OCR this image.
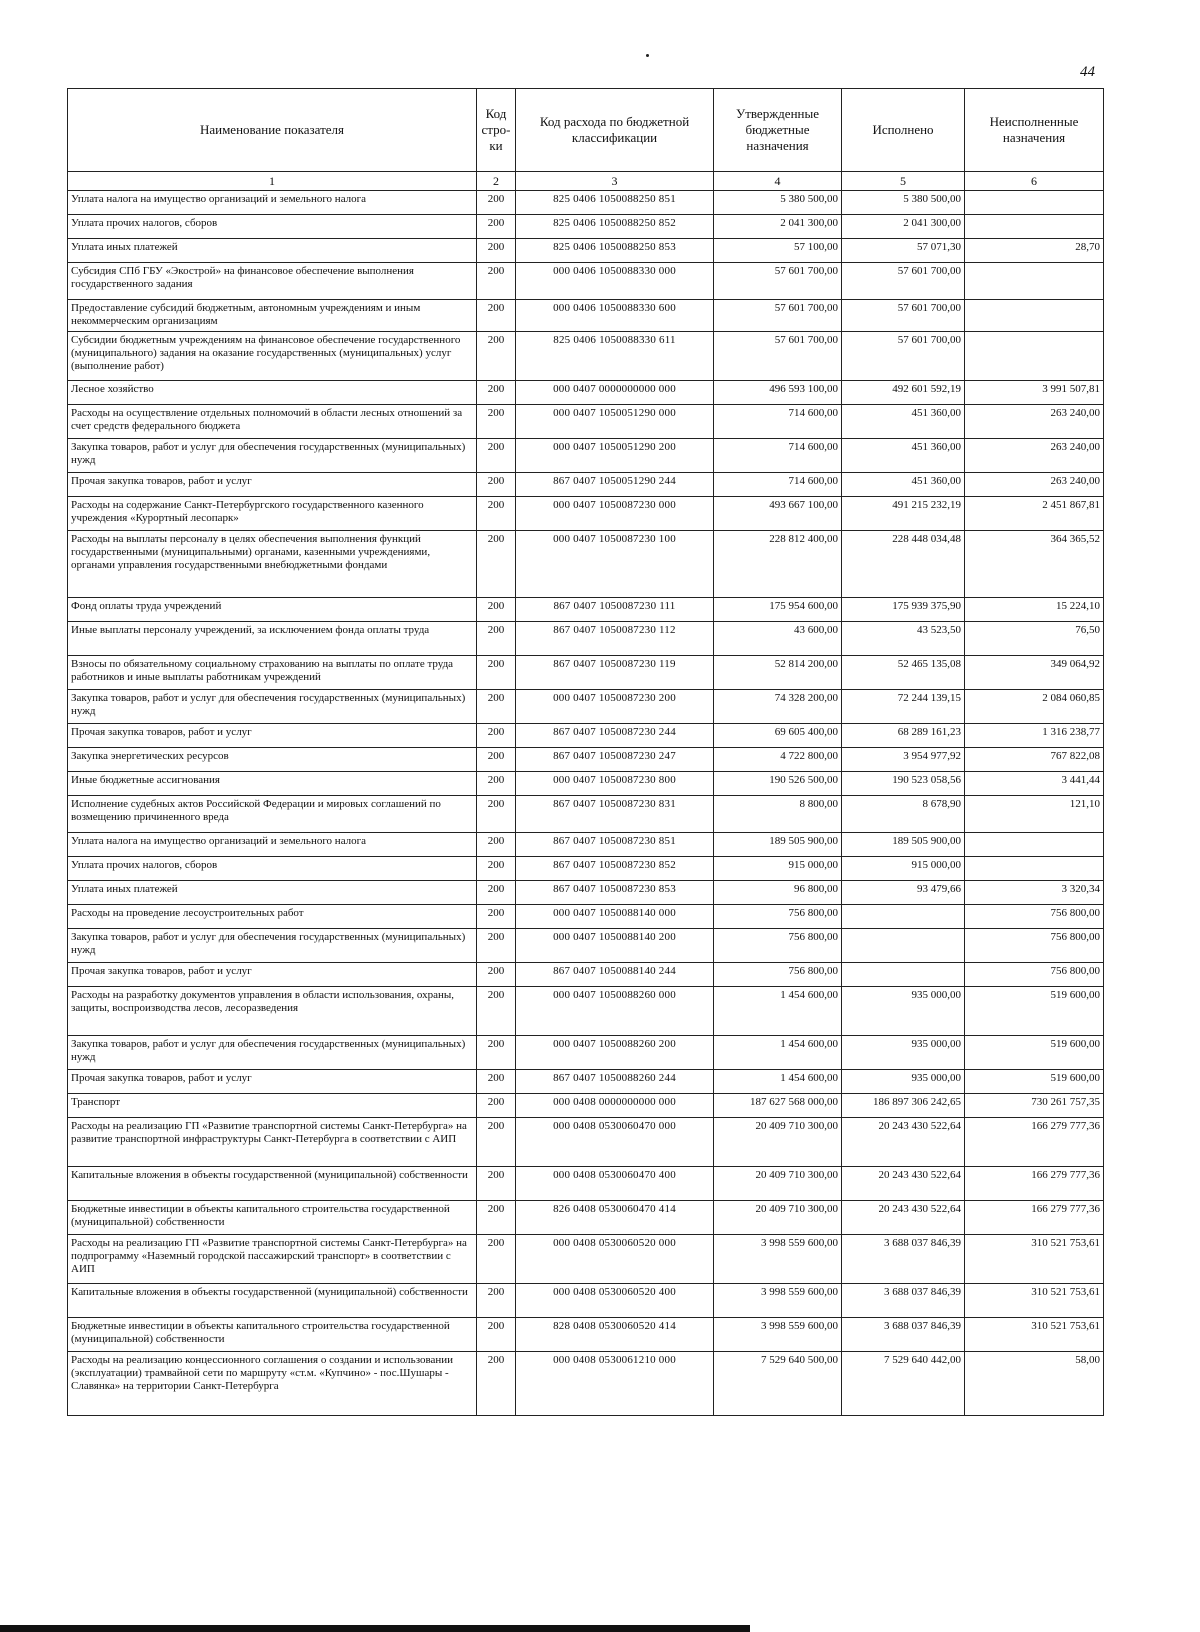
44
Наименование показателя	Код стро-ки	Код расхода по бюджетной классификации	Утвержденные бюджетные назначения	Исполнено	Неисполненные назначения
1	2	3	4	5	6
Уплата налога на имущество организаций и земельного налога	200	825 0406 1050088250 851	5 380 500,00	5 380 500,00	
Уплата прочих налогов, сборов	200	825 0406 1050088250 852	2 041 300,00	2 041 300,00	
Уплата иных платежей	200	825 0406 1050088250 853	57 100,00	57 071,30	28,70
Субсидия СПб ГБУ «Экострой» на финансовое обеспечение выполнения государственного задания	200	000 0406 1050088330 000	57 601 700,00	57 601 700,00	
Предоставление субсидий бюджетным, автономным учреждениям и иным некоммерческим организациям	200	000 0406 1050088330 600	57 601 700,00	57 601 700,00	
Субсидии бюджетным учреждениям на финансовое обеспечение государственного (муниципального) задания на оказание государственных (муниципальных) услуг (выполнение работ)	200	825 0406 1050088330 611	57 601 700,00	57 601 700,00	
Лесное хозяйство	200	000 0407 0000000000 000	496 593 100,00	492 601 592,19	3 991 507,81
Расходы на осуществление отдельных полномочий в области лесных отношений за счет средств федерального бюджета	200	000 0407 1050051290 000	714 600,00	451 360,00	263 240,00
Закупка товаров, работ и услуг для обеспечения государственных (муниципальных) нужд	200	000 0407 1050051290 200	714 600,00	451 360,00	263 240,00
Прочая закупка товаров, работ и услуг	200	867 0407 1050051290 244	714 600,00	451 360,00	263 240,00
Расходы на содержание Санкт-Петербургского государственного казенного учреждения «Курортный лесопарк»	200	000 0407 1050087230 000	493 667 100,00	491 215 232,19	2 451 867,81
Расходы на выплаты персоналу в целях обеспечения выполнения функций государственными (муниципальными) органами, казенными учреждениями, органами управления государственными внебюджетными фондами	200	000 0407 1050087230 100	228 812 400,00	228 448 034,48	364 365,52
Фонд оплаты труда учреждений	200	867 0407 1050087230 111	175 954 600,00	175 939 375,90	15 224,10
Иные выплаты персоналу учреждений, за исключением фонда оплаты труда	200	867 0407 1050087230 112	43 600,00	43 523,50	76,50
Взносы по обязательному социальному страхованию на выплаты по оплате труда работников и иные выплаты работникам учреждений	200	867 0407 1050087230 119	52 814 200,00	52 465 135,08	349 064,92
Закупка товаров, работ и услуг для обеспечения государственных (муниципальных) нужд	200	000 0407 1050087230 200	74 328 200,00	72 244 139,15	2 084 060,85
Прочая закупка товаров, работ и услуг	200	867 0407 1050087230 244	69 605 400,00	68 289 161,23	1 316 238,77
Закупка энергетических ресурсов	200	867 0407 1050087230 247	4 722 800,00	3 954 977,92	767 822,08
Иные бюджетные ассигнования	200	000 0407 1050087230 800	190 526 500,00	190 523 058,56	3 441,44
Исполнение судебных актов Российской Федерации и мировых соглашений по возмещению причиненного вреда	200	867 0407 1050087230 831	8 800,00	8 678,90	121,10
Уплата налога на имущество организаций и земельного налога	200	867 0407 1050087230 851	189 505 900,00	189 505 900,00	
Уплата прочих налогов, сборов	200	867 0407 1050087230 852	915 000,00	915 000,00	
Уплата иных платежей	200	867 0407 1050087230 853	96 800,00	93 479,66	3 320,34
Расходы на проведение лесоустроительных работ	200	000 0407 1050088140 000	756 800,00		756 800,00
Закупка товаров, работ и услуг для обеспечения государственных (муниципальных) нужд	200	000 0407 1050088140 200	756 800,00		756 800,00
Прочая закупка товаров, работ и услуг	200	867 0407 1050088140 244	756 800,00		756 800,00
Расходы на разработку документов управления в области использования, охраны, защиты, воспроизводства лесов, лесоразведения	200	000 0407 1050088260 000	1 454 600,00	935 000,00	519 600,00
Закупка товаров, работ и услуг для обеспечения государственных (муниципальных) нужд	200	000 0407 1050088260 200	1 454 600,00	935 000,00	519 600,00
Прочая закупка товаров, работ и услуг	200	867 0407 1050088260 244	1 454 600,00	935 000,00	519 600,00
Транспорт	200	000 0408 0000000000 000	187 627 568 000,00	186 897 306 242,65	730 261 757,35
Расходы на реализацию ГП «Развитие транспортной системы Санкт-Петербурга» на развитие транспортной инфраструктуры Санкт-Петербурга в соответствии с АИП	200	000 0408 0530060470 000	20 409 710 300,00	20 243 430 522,64	166 279 777,36
Капитальные вложения в объекты государственной (муниципальной) собственности	200	000 0408 0530060470 400	20 409 710 300,00	20 243 430 522,64	166 279 777,36
Бюджетные инвестиции в объекты капитального строительства государственной (муниципальной) собственности	200	826 0408 0530060470 414	20 409 710 300,00	20 243 430 522,64	166 279 777,36
Расходы на реализацию ГП «Развитие транспортной системы Санкт-Петербурга» на подпрограмму «Наземный городской пассажирский транспорт» в соответствии с АИП	200	000 0408 0530060520 000	3 998 559 600,00	3 688 037 846,39	310 521 753,61
Капитальные вложения в объекты государственной (муниципальной) собственности	200	000 0408 0530060520 400	3 998 559 600,00	3 688 037 846,39	310 521 753,61
Бюджетные инвестиции в объекты капитального строительства государственной (муниципальной) собственности	200	828 0408 0530060520 414	3 998 559 600,00	3 688 037 846,39	310 521 753,61
Расходы на реализацию концессионного соглашения о создании и использовании (эксплуатации) трамвайной сети по маршруту «ст.м. «Купчино» - пос.Шушары - Славянка» на территории Санкт-Петербурга	200	000 0408 0530061210 000	7 529 640 500,00	7 529 640 442,00	58,00
